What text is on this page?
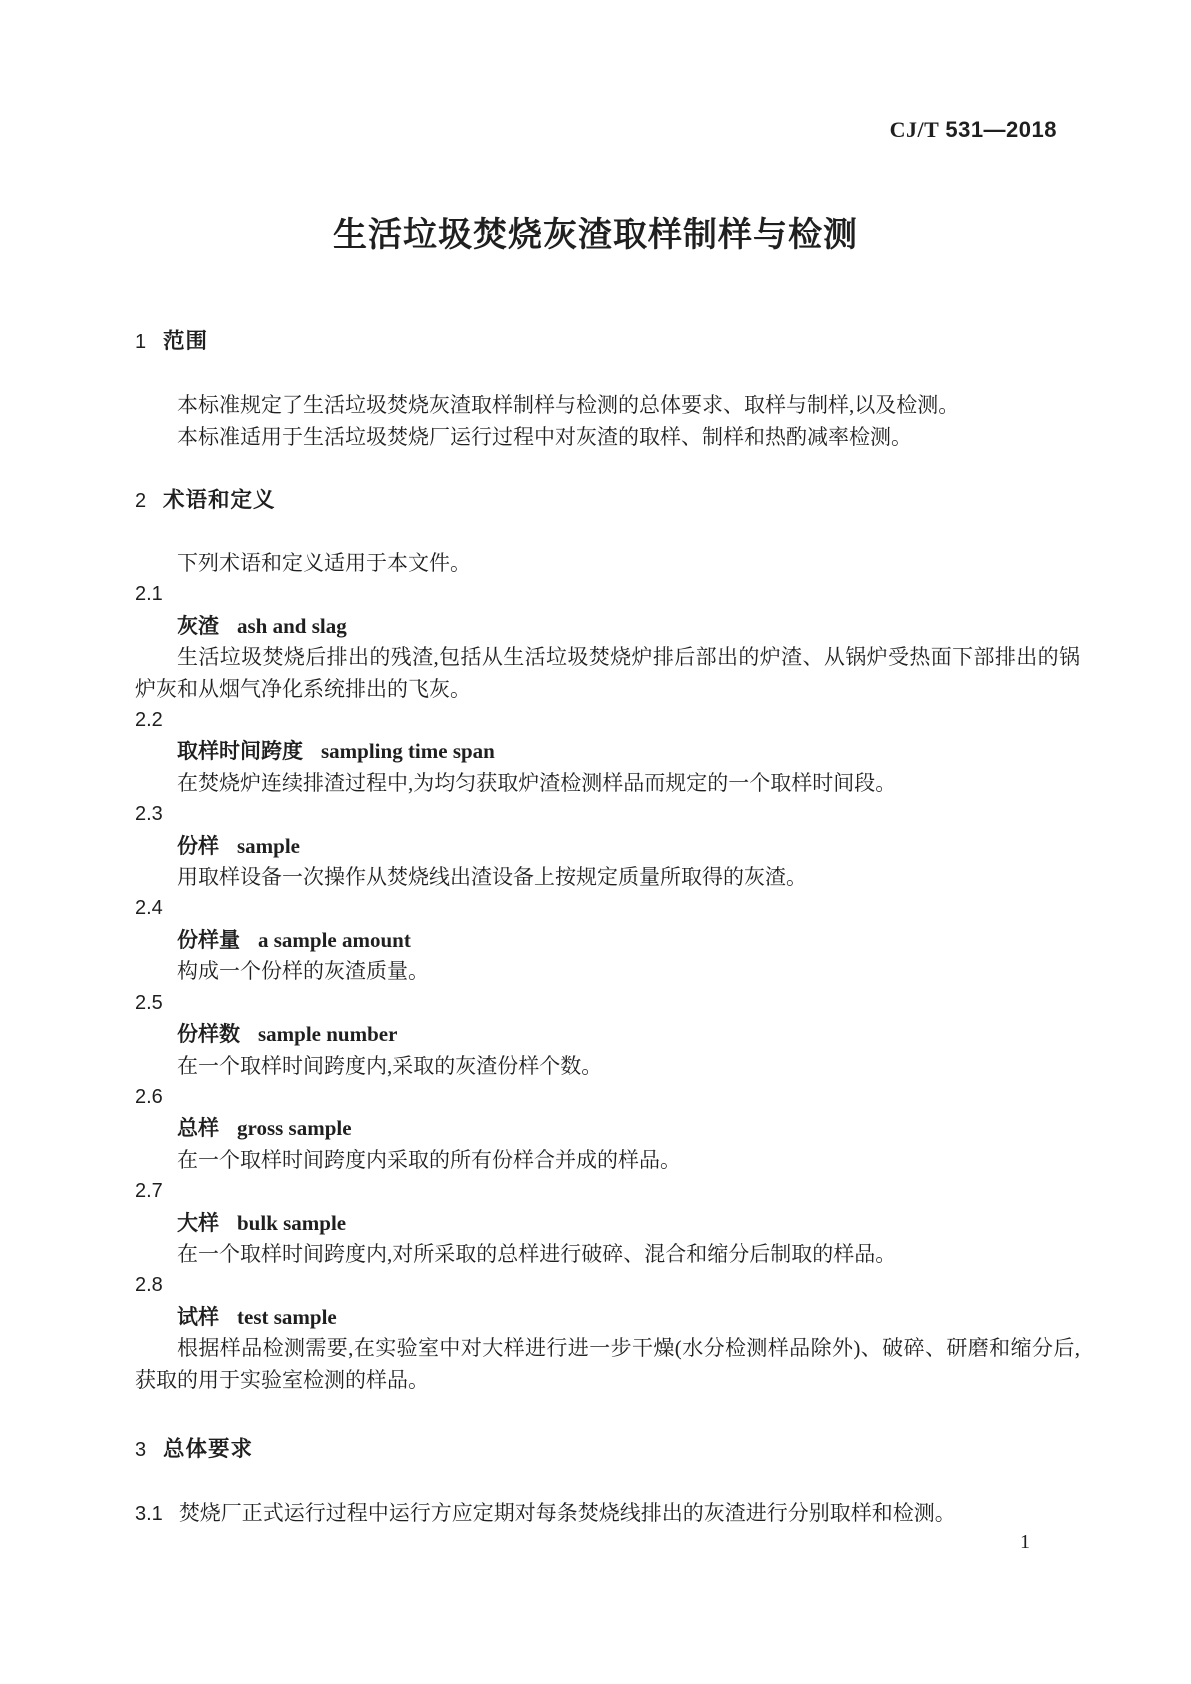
CJ/T 531—2018
生活垃圾焚烧灰渣取样制样与检测
1 范围

本标准规定了生活垃圾焚烧灰渣取样制样与检测的总体要求、取样与制样,以及检测。

本标准适用于生活垃圾焚烧厂运行过程中对灰渣的取样、制样和热酌减率检测。

2 术语和定义

下列术语和定义适用于本文件。

2.1

灰渣 ash and slag

生活垃圾焚烧后排出的残渣,包括从生活垃圾焚烧炉排后部出的炉渣、从锅炉受热面下部排出的锅炉灰和从烟气净化系统排出的飞灰。

2.2

取样时间跨度 sampling time span

在焚烧炉连续排渣过程中,为均匀获取炉渣检测样品而规定的一个取样时间段。

2.3

份样 sample

用取样设备一次操作从焚烧线出渣设备上按规定质量所取得的灰渣。

2.4

份样量 a sample amount

构成一个份样的灰渣质量。

2.5

份样数 sample number

在一个取样时间跨度内,采取的灰渣份样个数。

2.6

总样 gross sample

在一个取样时间跨度内采取的所有份样合并成的样品。

2.7

大样 bulk sample

在一个取样时间跨度内,对所采取的总样进行破碎、混合和缩分后制取的样品。

2.8

试样 test sample

根据样品检测需要,在实验室中对大样进行进一步干燥(水分检测样品除外)、破碎、研磨和缩分后,获取的用于实验室检测的样品。

3 总体要求
3.1 焚烧厂正式运行过程中运行方应定期对每条焚烧线排出的灰渣进行分别取样和检测。
1
